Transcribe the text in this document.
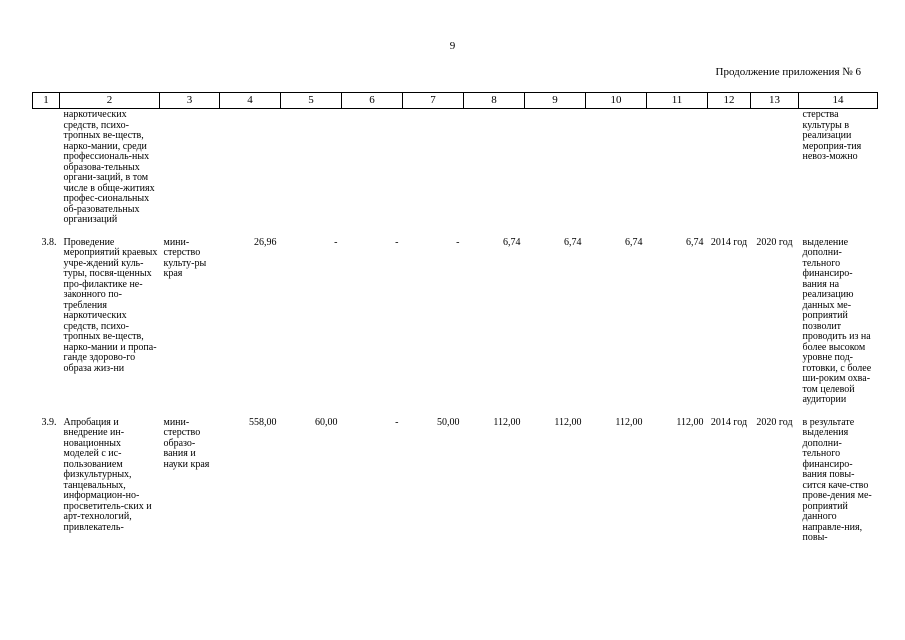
9
Продолжение приложения № 6
1	2	3	4	5	6	7	8	9	10	11	12	13	14
	наркотических средств, психо-тропных ве-ществ, нарко-мании, среди профессиональ-ных образова-тельных органи-заций, в том числе в обще-житиях профес-сиональных об-разовательных организаций												стерства культуры в реализации мероприя-тия невоз-можно

3.8.	Проведение мероприятий краевых учре-ждений куль-туры, посвя-щенных про-филактике не-законного по-требления наркотических средств, психо-тропных ве-ществ, нарко-мании и пропа-ганде здорово-го образа жиз-ни	мини-стерство культу-ры края	26,96	-	-	-	6,74	6,74	6,74	6,74	2014 год	2020 год	выделение дополни-тельного финансиро-вания на реализацию данных ме-роприятий позволит проводить из на более высоком уровне под-готовки, с более ши-роким охва-том целевой аудитории

3.9.	Апробация и внедрение ин-новационных моделей с ис-пользованием физкультурных, танцевальных, информацион-но-просветитель-ских и арт-технологий, привлекатель-	мини-стерство образо-вания и науки края	558,00	60,00	-	50,00	112,00	112,00	112,00	112,00	2014 год	2020 год	в результате выделения дополни-тельного финансиро-вания повы-сится каче-ство прове-дения ме-роприятий данного направле-ния, повы-
